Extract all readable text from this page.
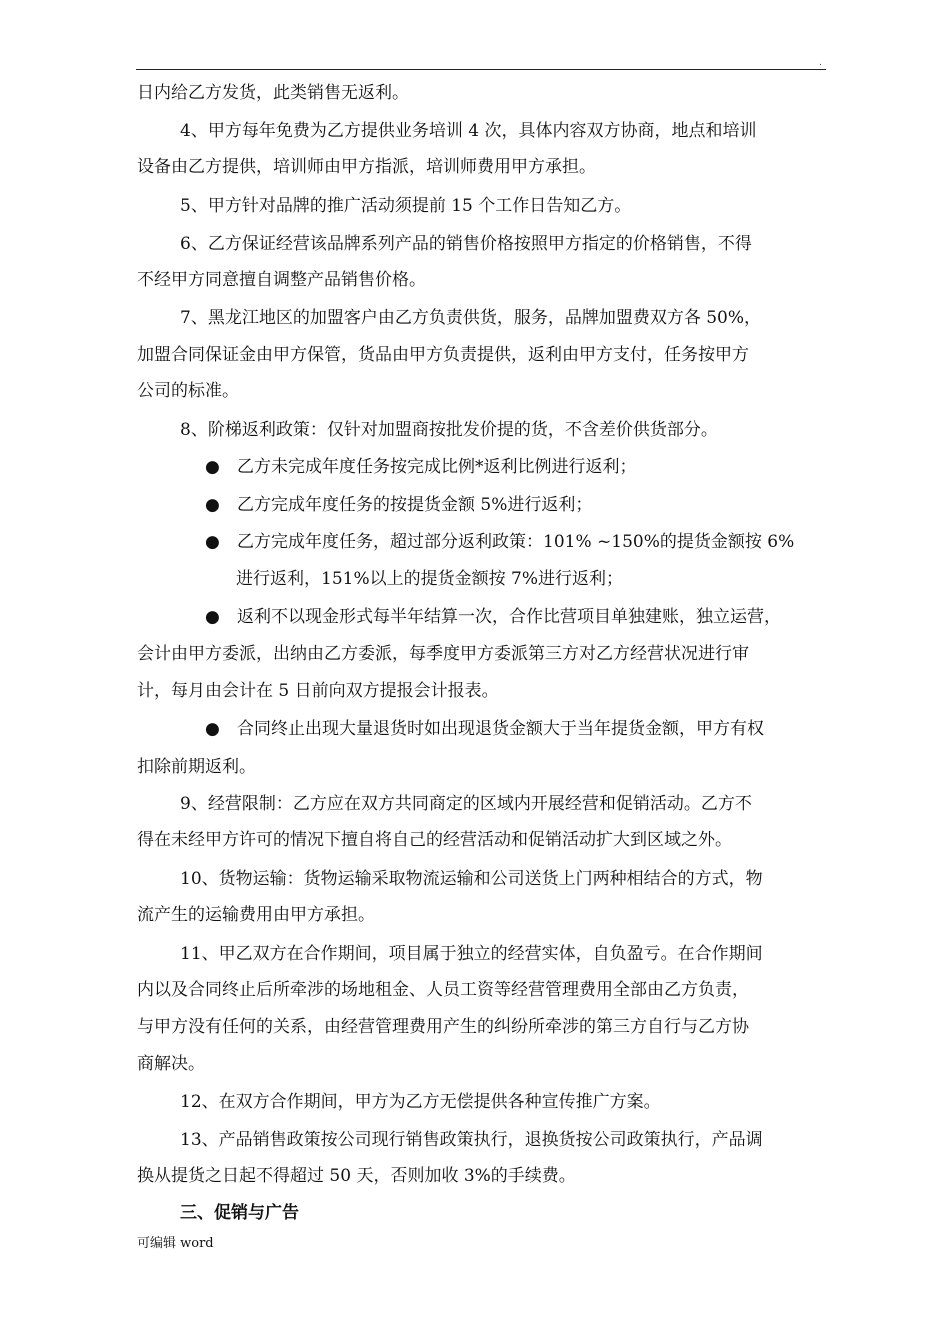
.
日内给乙方发货，此类销售无返利。
4、甲方每年免费为乙方提供业务培训 4 次，具体内容双方协商，地点和培训
设备由乙方提供，培训师由甲方指派，培训师费用甲方承担。
5、甲方针对品牌的推广活动须提前 15 个工作日告知乙方。
6、乙方保证经营该品牌系列产品的销售价格按照甲方指定的价格销售，不得
不经甲方同意擅自调整产品销售价格。
7、黑龙江地区的加盟客户由乙方负责供货，服务，品牌加盟费双方各 50%，
加盟合同保证金由甲方保管，货品由甲方负责提供，返利由甲方支付，任务按甲方
公司的标准。
8、阶梯返利政策：仅针对加盟商按批发价提的货，不含差价供货部分。
● 乙方未完成年度任务按完成比例*返利比例进行返利；
● 乙方完成年度任务的按提货金额 5%进行返利；
● 乙方完成年度任务，超过部分返利政策：101% ~150%的提货金额按 6%
进行返利，151%以上的提货金额按 7%进行返利；
● 返利不以现金形式每半年结算一次，合作比营项目单独建账，独立运营，
会计由甲方委派，出纳由乙方委派，每季度甲方委派第三方对乙方经营状况进行审
计，每月由会计在 5 日前向双方提报会计报表。
● 合同终止出现大量退货时如出现退货金额大于当年提货金额，甲方有权
扣除前期返利。
9、经营限制：乙方应在双方共同商定的区域内开展经营和促销活动。乙方不
得在未经甲方许可的情况下擅自将自己的经营活动和促销活动扩大到区域之外。
10、货物运输：货物运输采取物流运输和公司送货上门两种相结合的方式，物
流产生的运输费用由甲方承担。
11、甲乙双方在合作期间，项目属于独立的经营实体，自负盈亏。在合作期间
内以及合同终止后所牵涉的场地租金、人员工资等经营管理费用全部由乙方负责，
与甲方没有任何的关系，由经营管理费用产生的纠纷所牵涉的第三方自行与乙方协
商解决。
12、在双方合作期间，甲方为乙方无偿提供各种宣传推广方案。
13、产品销售政策按公司现行销售政策执行，退换货按公司政策执行，产品调
换从提货之日起不得超过 50 天，否则加收 3%的手续费。
三、促销与广告
可编辑 word
